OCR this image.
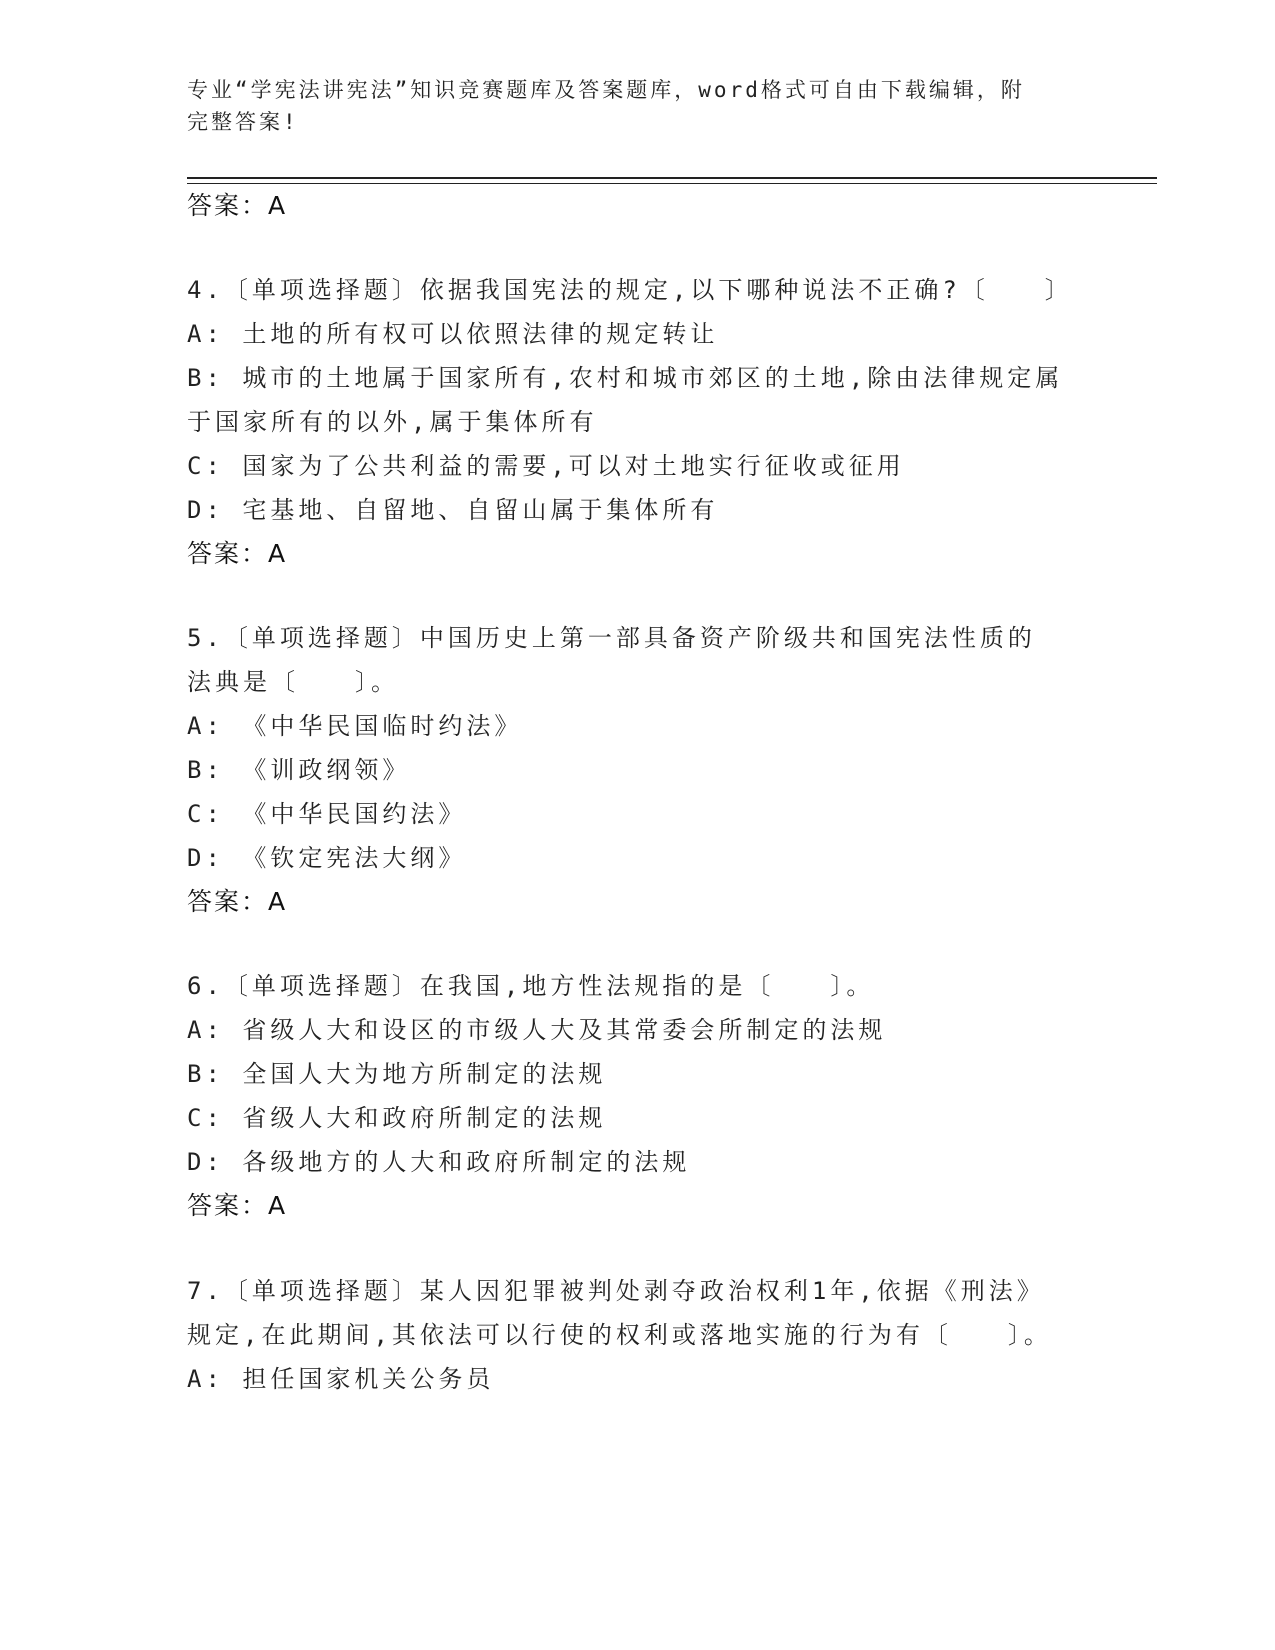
专业“学宪法讲宪法”知识竞赛题库及答案题库，word格式可自由下载编辑，附
完整答案!
答案：A
4.〔单项选择题〕依据我国宪法的规定,以下哪种说法不正确?〔　　〕
A: 土地的所有权可以依照法律的规定转让
B: 城市的土地属于国家所有,农村和城市郊区的土地,除由法律规定属
于国家所有的以外,属于集体所有
C: 国家为了公共利益的需要,可以对土地实行征收或征用
D: 宅基地、自留地、自留山属于集体所有
答案：A
5.〔单项选择题〕中国历史上第一部具备资产阶级共和国宪法性质的
法典是〔　　〕。
A: 《中华民国临时约法》
B: 《训政纲领》
C: 《中华民国约法》
D: 《钦定宪法大纲》
答案：A
6.〔单项选择题〕在我国,地方性法规指的是〔　　〕。
A: 省级人大和设区的市级人大及其常委会所制定的法规
B: 全国人大为地方所制定的法规
C: 省级人大和政府所制定的法规
D: 各级地方的人大和政府所制定的法规
答案：A
7.〔单项选择题〕某人因犯罪被判处剥夺政治权利1年,依据《刑法》
规定,在此期间,其依法可以行使的权利或落地实施的行为有〔　　〕。
A: 担任国家机关公务员
